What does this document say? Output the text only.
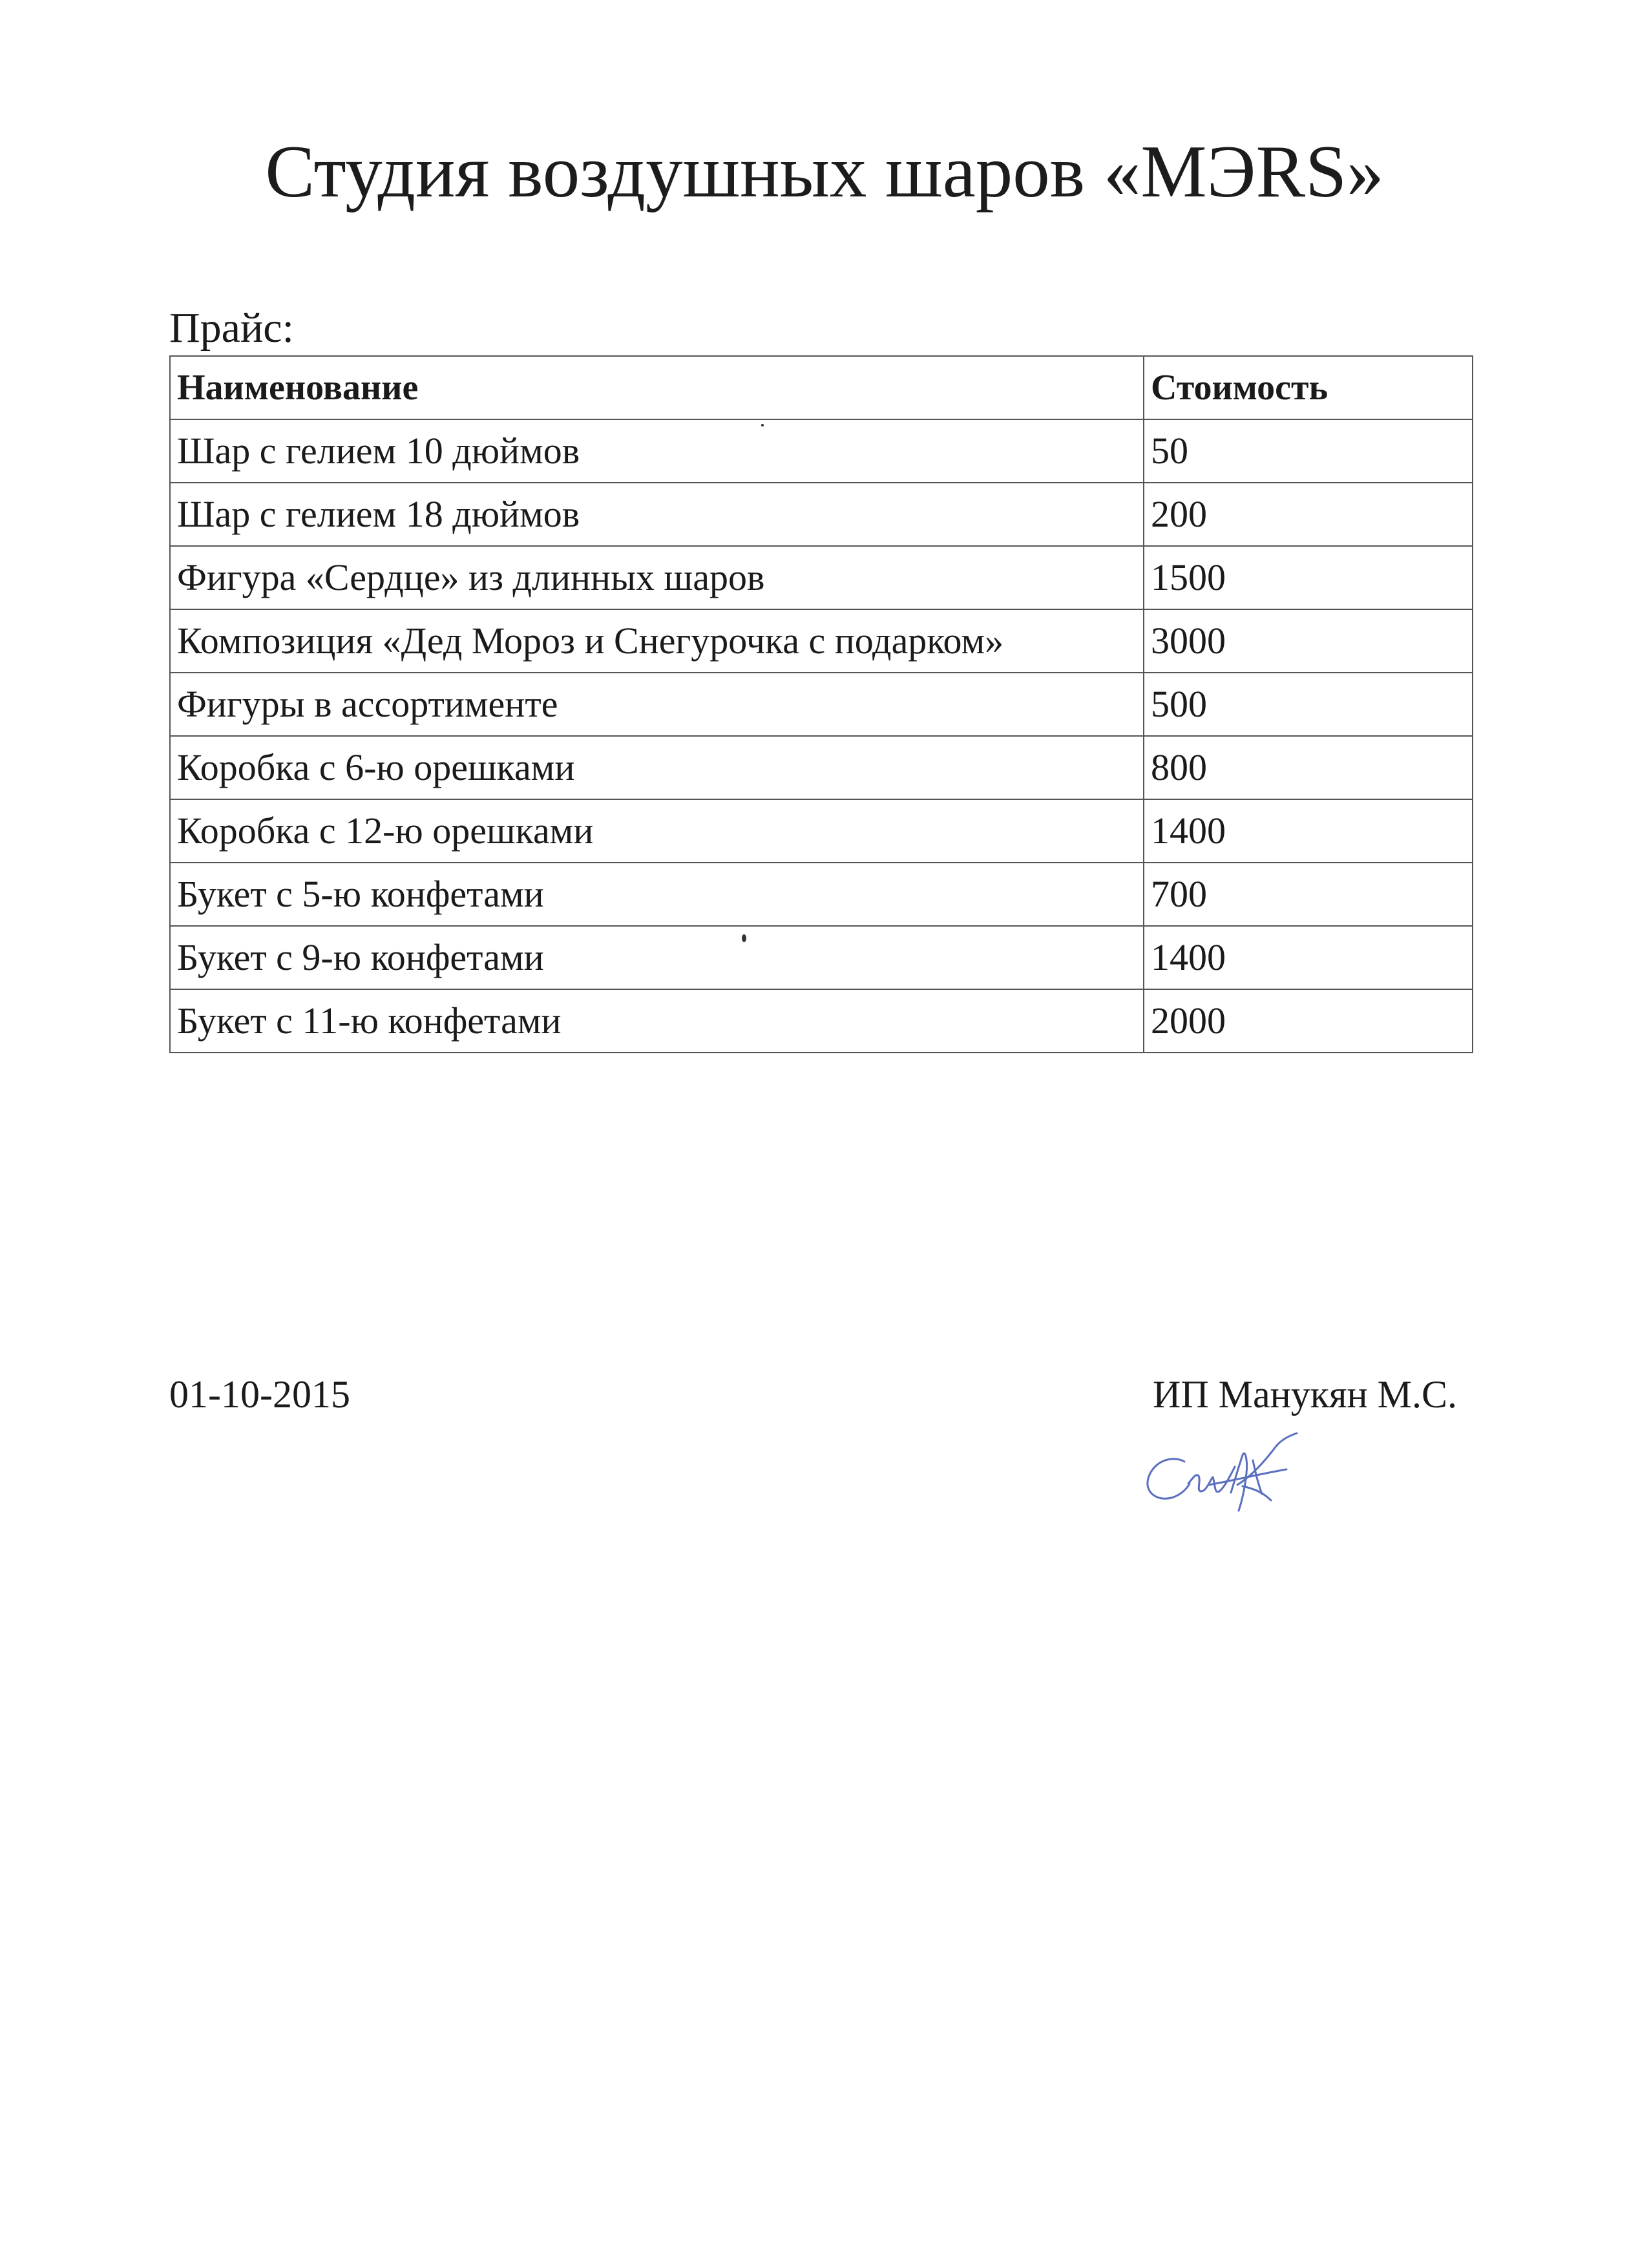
Студия воздушных шаров «МЭRS»
Прайс:
Наименование	Стоимость
Шар с гелием 10 дюймов	50
Шар с гелием 18 дюймов	200
Фигура «Сердце» из длинных шаров	1500
Композиция «Дед Мороз и Снегурочка с подарком»	3000
Фигуры в ассортименте	500
Коробка с 6-ю орешками	800
Коробка с 12-ю орешками	1400
Букет с 5-ю конфетами	700
Букет с 9-ю конфетами	1400
Букет с 11-ю конфетами	2000
01-10-2015	ИП Манукян М.С.
